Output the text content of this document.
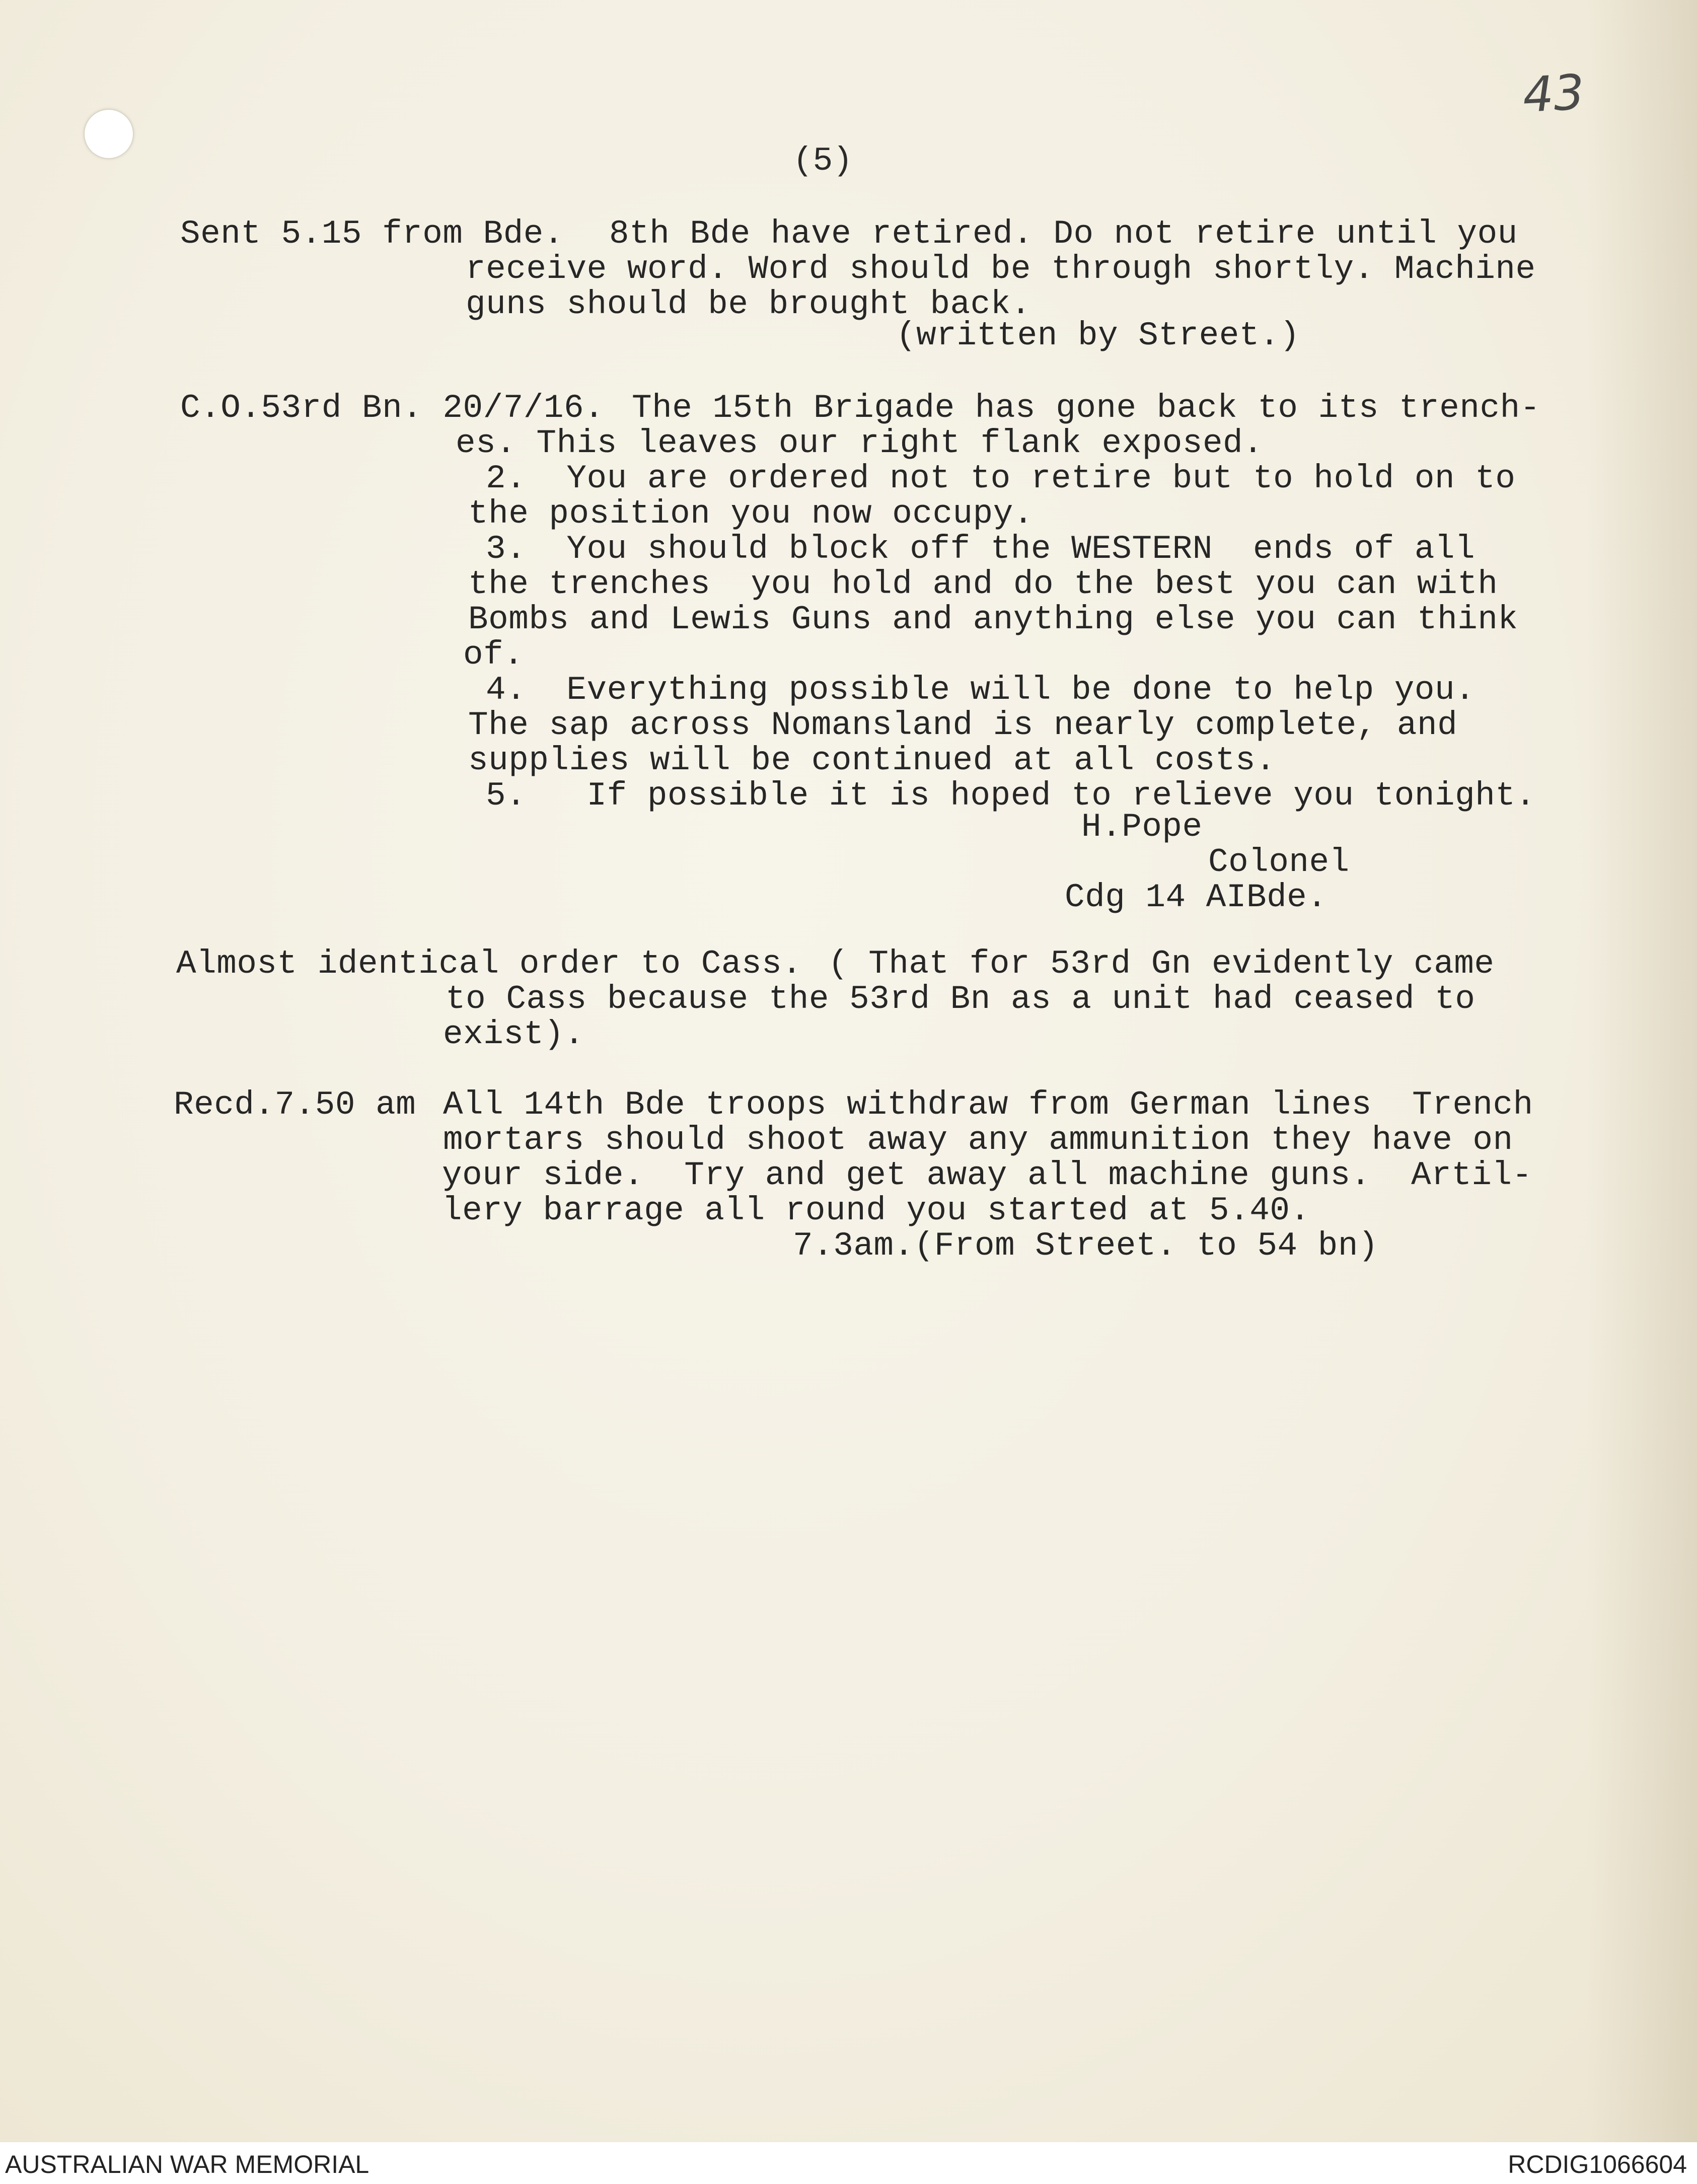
43
(5)
Sent 5.15 from Bde. 8th Bde have retired. Do not retire until you
receive word. Word should be through shortly. Machine
guns should be brought back.
(written by Street.)
C.O.53rd Bn. 20/7/16. The 15th Brigade has gone back to its trench-
es. This leaves our right flank exposed.
2.  You are ordered not to retire but to hold on to
the position you now occupy.
3.  You should block off the WESTERN  ends of all
the trenches  you hold and do the best you can with
Bombs and Lewis Guns and anything else you can think
of.
4.  Everything possible will be done to help you.
The sap across Nomansland is nearly complete, and
supplies will be continued at all costs.
5.   If possible it is hoped to relieve you tonight.
H.Pope
Colonel
Cdg 14 AIBde.
Almost identical order to Cass. ( That for 53rd Gn evidently came
to Cass because the 53rd Bn as a unit had ceased to
exist).
Recd.7.50 am All 14th Bde troops withdraw from German lines  Trench
mortars should shoot away any ammunition they have on
your side.  Try and get away all machine guns.  Artil-
lery barrage all round you started at 5.40.
7.3am.(From Street. to 54 bn)
AUSTRALIAN WAR MEMORIAL	RCDIG1066604
